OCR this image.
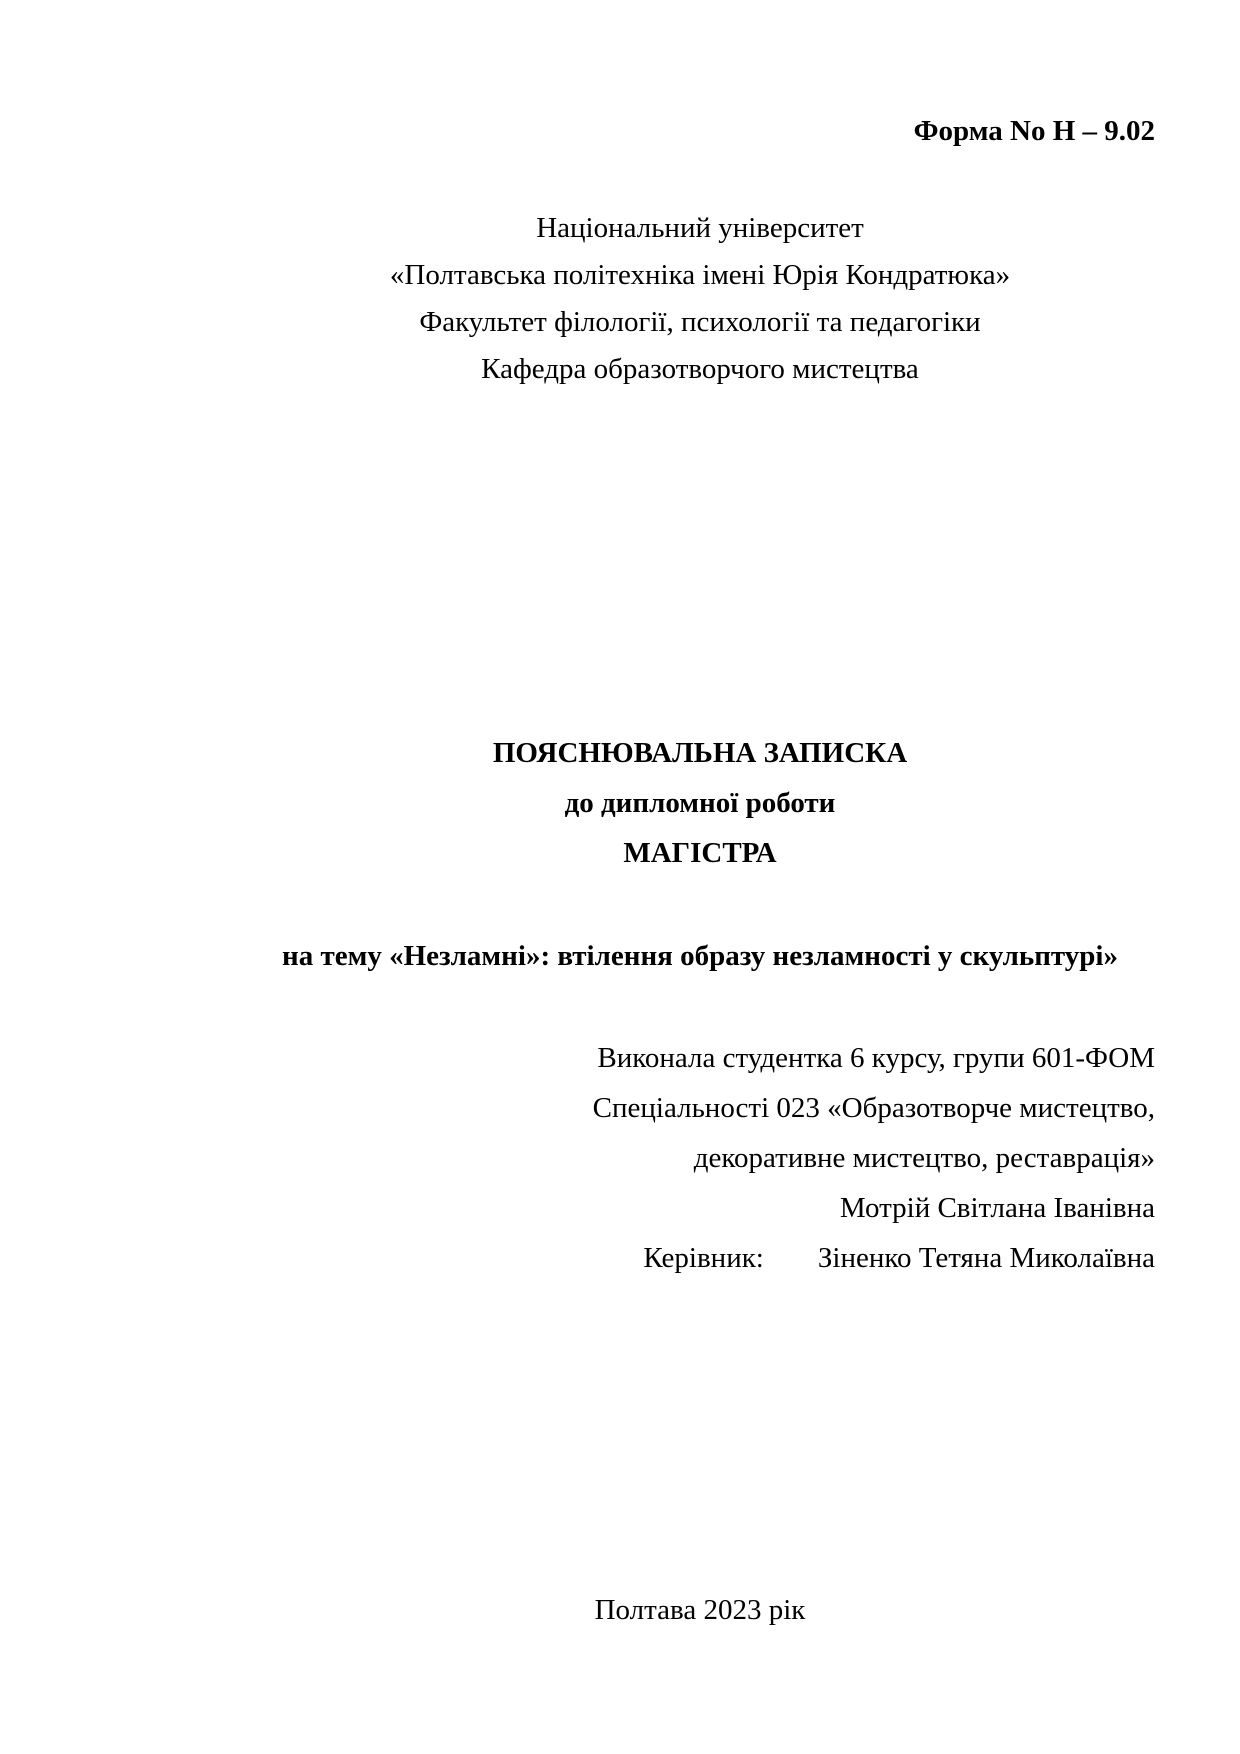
Форма No Н – 9.02
Національний університет
«Полтавська політехніка імені Юрія Кондратюка»
Факультет філології, психології та педагогіки
Кафедра образотворчого мистецтва
ПОЯСНЮВАЛЬНА ЗАПИСКА
до дипломної роботи
МАГІСТРА
на тему «Незламні»: втілення образу незламності у скульптурі»
Виконала студентка 6 курсу, групи 601-ФОМ
Спеціальності 023 «Образотворче мистецтво,
декоративне мистецтво, реставрація»
Мотрій Світлана Іванівна
Керівник: Зіненко Тетяна Миколаївна
Полтава 2023 рік
